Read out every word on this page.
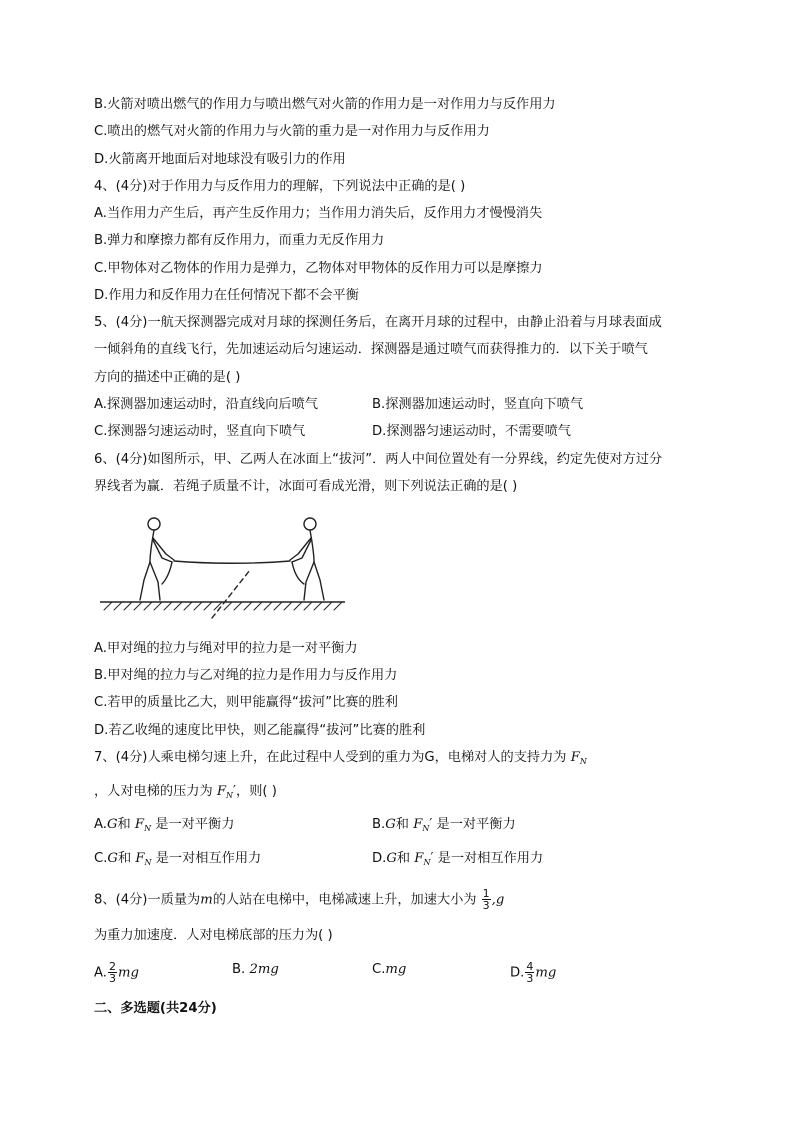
B.火箭对喷出燃气的作用力与喷出燃气对火箭的作用力是一对作用力与反作用力
C.喷出的燃气对火箭的作用力与火箭的重力是一对作用力与反作用力
D.火箭离开地面后对地球没有吸引力的作用
4、(4分)对于作用力与反作用力的理解，下列说法中正确的是( )
A.当作用力产生后，再产生反作用力；当作用力消失后，反作用力才慢慢消失
B.弹力和摩擦力都有反作用力，而重力无反作用力
C.甲物体对乙物体的作用力是弹力，乙物体对甲物体的反作用力可以是摩擦力
D.作用力和反作用力在任何情况下都不会平衡
5、(4分)一航天探测器完成对月球的探测任务后，在离开月球的过程中，由静止沿着与月球表面成
一倾斜角的直线飞行，先加速运动后匀速运动．探测器是通过喷气而获得推力的．以下关于喷气
方向的描述中正确的是( )
A.探测器加速运动时，沿直线向后喷气	B.探测器加速运动时，竖直向下喷气
C.探测器匀速运动时，竖直向下喷气	D.探测器匀速运动时，不需要喷气
6、(4分)如图所示，甲、乙两人在冰面上“拔河”．两人中间位置处有一分界线，约定先使对方过分
界线者为赢．若绳子质量不计，冰面可看成光滑，则下列说法正确的是( )
A.甲对绳的拉力与绳对甲的拉力是一对平衡力
B.甲对绳的拉力与乙对绳的拉力是作用力与反作用力
C.若甲的质量比乙大，则甲能赢得“拔河”比赛的胜利
D.若乙收绳的速度比甲快，则乙能赢得“拔河”比赛的胜利
7、(4分)人乘电梯匀速上升，在此过程中人受到的重力为G，电梯对人的支持力为 $F_N$
，人对电梯的压力为 $F_N'$，则( )
A.G和 $F_N$ 是一对平衡力	B.G和 $F_N'$ 是一对平衡力
C.G和 $F_N$ 是一对相互作用力	D.G和 $F_N'$ 是一对相互作用力
8、(4分)一质量为m的人站在电梯中，电梯减速上升，加速大小为 $\frac{1}{3} ,g$
为重力加速度．人对电梯底部的压力为( )
A. $\frac{2}{3}$ mg	B. 2mg	C.mg	D. $\frac{4}{3}$ mg
二、多选题(共24分)
